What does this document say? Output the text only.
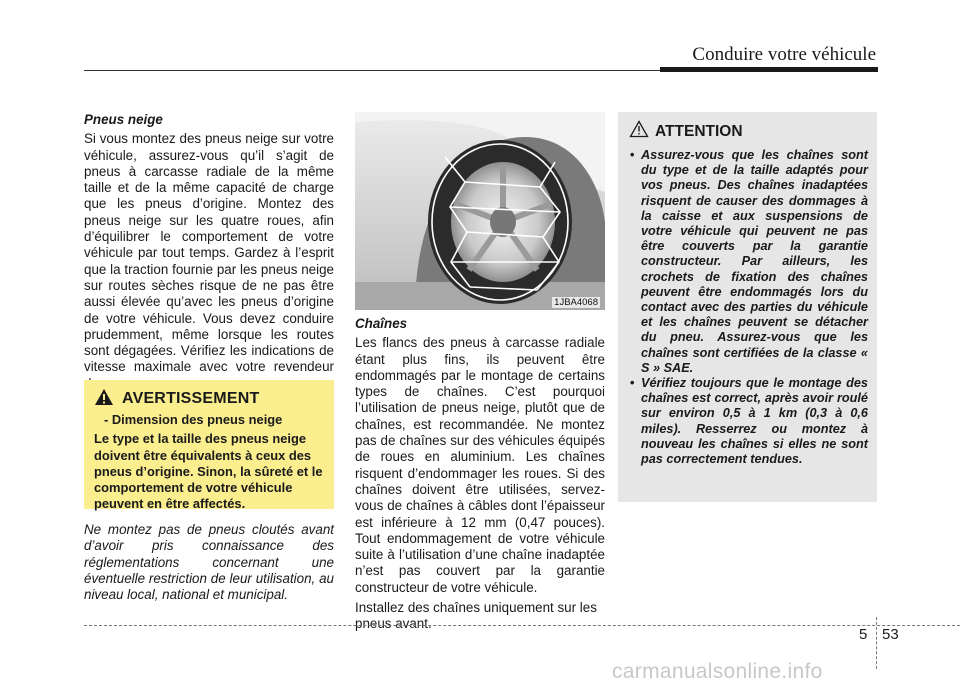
Conduire votre véhicule

Pneus neige

Si vous montez des pneus neige sur votre véhicule, assurez-vous qu’il s’agit de pneus à carcasse radiale de la même taille et de la même capacité de charge que les pneus d’origine. Montez des pneus neige sur les quatre roues, afin d’équilibrer le comportement de votre véhicule par tout temps. Gardez à l’esprit que la traction fournie par les pneus neige sur routes sèches risque de ne pas être aussi élevée qu’avec les pneus d’origine de votre véhicule. Vous devez conduire prudemment, même lorsque les routes sont dégagées. Vérifiez les indications de vitesse maximale avec votre revendeur

AVERTISSEMENT
- Dimension des pneus neige

Le type et la taille des pneus neige doivent être équivalents à ceux des pneus d’origine. Sinon, la sûreté et le comportement de votre véhicule peuvent en être affectés.

Ne montez pas de pneus cloutés avant d’avoir pris connaissance des réglementations concernant une éventuelle restriction de leur utilisation, au niveau local, national et municipal.

1JBA4068

Chaînes

Les flancs des pneus à carcasse radiale étant plus fins, ils peuvent être endommagés par le montage de certains types de chaînes. C’est pourquoi l’utilisation de pneus neige, plutôt que de chaînes, est recommandée. Ne montez pas de chaînes sur des véhicules équipés de roues en aluminium. Les chaînes risquent d’endommager les roues. Si des chaînes doivent être utilisées, servez-vous de chaînes à câbles dont l’épaisseur est inférieure à 12 mm (0,47 pouces). Tout endommagement de votre véhicule suite à l’utilisation d’une chaîne inadaptée n’est pas couvert par la garantie constructeur de votre véhicule.

Installez des chaînes uniquement sur les pneus avant.

ATTENTION
• Assurez-vous que les chaînes sont du type et de la taille adaptés pour vos pneus. Des chaînes inadaptées risquent de causer des dommages à la caisse et aux suspensions de votre véhicule qui peuvent ne pas être couverts par la garantie constructeur. Par ailleurs, les crochets de fixation des chaînes peuvent être endommagés lors du contact avec des parties du véhicule et les chaînes peuvent se détacher du pneu. Assurez-vous que les chaînes sont certifiées de la classe « S » SAE.
• Vérifiez toujours que le montage des chaînes est correct, après avoir roulé sur environ 0,5 à 1 km (0,3 à 0,6 miles). Resserrez ou montez à nouveau les chaînes si elles ne sont pas correctement tendues.
5 53
carmanualsonline.info
